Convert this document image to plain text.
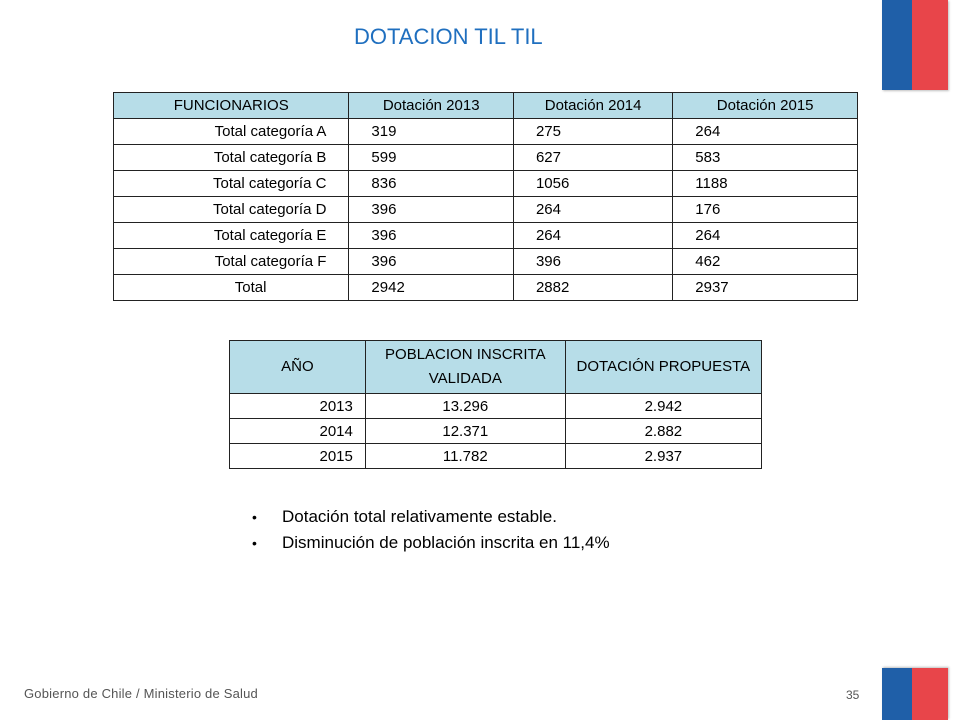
DOTACION TIL TIL
FUNCIONARIOS	Dotación 2013	Dotación 2014	Dotación 2015
Total categoría A	319	275	264
Total categoría B	599	627	583
Total categoría C	836	1056	1188
Total categoría D	396	264	176
Total categoría E	396	264	264
Total categoría F	396	396	462
Total	2942	2882	2937
AÑO	POBLACION INSCRITA VALIDADA	DOTACIÓN PROPUESTA
2013	13.296	2.942
2014	12.371	2.882
2015	11.782	2.937
• Dotación total relativamente estable.
• Disminución de población inscrita en 11,4%
Gobierno de Chile / Ministerio de Salud	35
